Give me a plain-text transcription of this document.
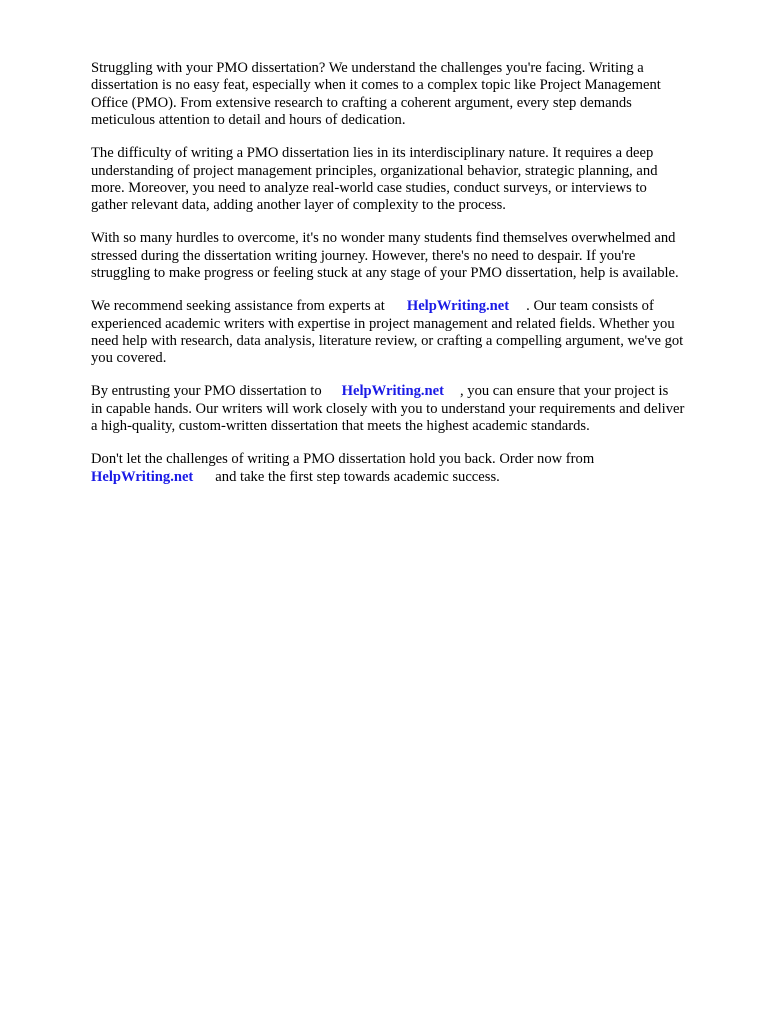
Struggling with your PMO dissertation? We understand the challenges you're facing. Writing a
dissertation is no easy feat, especially when it comes to a complex topic like Project Management
Office (PMO). From extensive research to crafting a coherent argument, every step demands
meticulous attention to detail and hours of dedication.

The difficulty of writing a PMO dissertation lies in its interdisciplinary nature. It requires a deep
understanding of project management principles, organizational behavior, strategic planning, and
more. Moreover, you need to analyze real-world case studies, conduct surveys, or interviews to
gather relevant data, adding another layer of complexity to the process.

With so many hurdles to overcome, it's no wonder many students find themselves overwhelmed and
stressed during the dissertation writing journey. However, there's no need to despair. If you're
struggling to make progress or feeling stuck at any stage of your PMO dissertation, help is available.

We recommend seeking assistance from experts at HelpWriting.net . Our team consists of
experienced academic writers with expertise in project management and related fields. Whether you
need help with research, data analysis, literature review, or crafting a compelling argument, we've got
you covered.

By entrusting your PMO dissertation to HelpWriting.net , you can ensure that your project is
in capable hands. Our writers will work closely with you to understand your requirements and deliver
a high-quality, custom-written dissertation that meets the highest academic standards.

Don't let the challenges of writing a PMO dissertation hold you back. Order now from
HelpWriting.net and take the first step towards academic success.
